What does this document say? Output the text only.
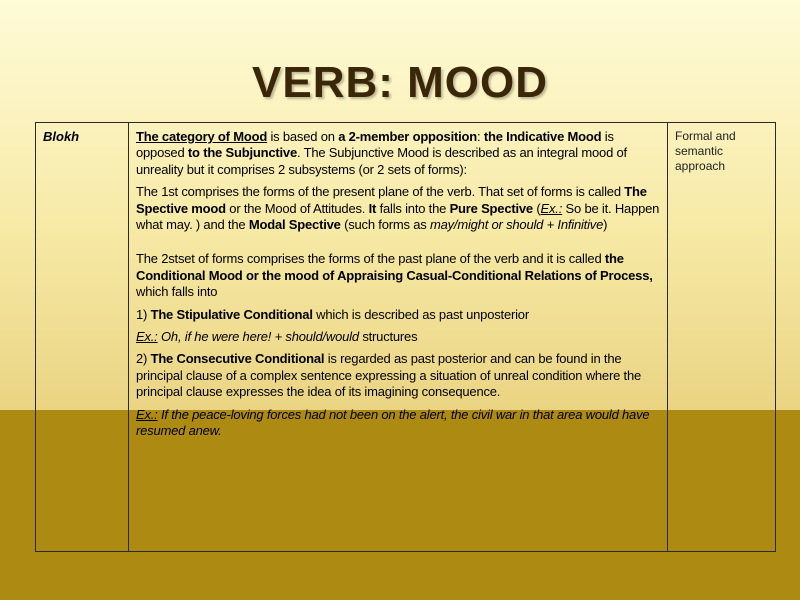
VERB: MOOD
Blokh	The category of Mood is based on a 2-member opposition: the Indicative Mood is opposed to the Subjunctive. The Subjunctive Mood is described as an integral mood of unreality but it comprises 2 subsystems (or 2 sets of forms):

The 1st comprises the forms of the present plane of the verb. That set of forms is called The Spective mood or the Mood of Attitudes. It falls into the Pure Spective (Ex.: So be it. Happen what may. ) and the Modal Spective (such forms as may/might or should + Infinitive)

The 2stset of forms comprises the forms of the past plane of the verb and it is called the Conditional Mood or the mood of Appraising Casual-Conditional Relations of Process, which falls into

1) The Stipulative Conditional which is described as past unposterior

Ex.: Oh, if he were here! + should/would structures

2) The Consecutive Conditional is regarded as past posterior and can be found in the principal clause of a complex sentence expressing a situation of unreal condition where the principal clause expresses the idea of its imagining consequence.

Ex.: If the peace-loving forces had not been on the alert, the civil war in that area would have resumed anew.

	Formal and semantic approach
